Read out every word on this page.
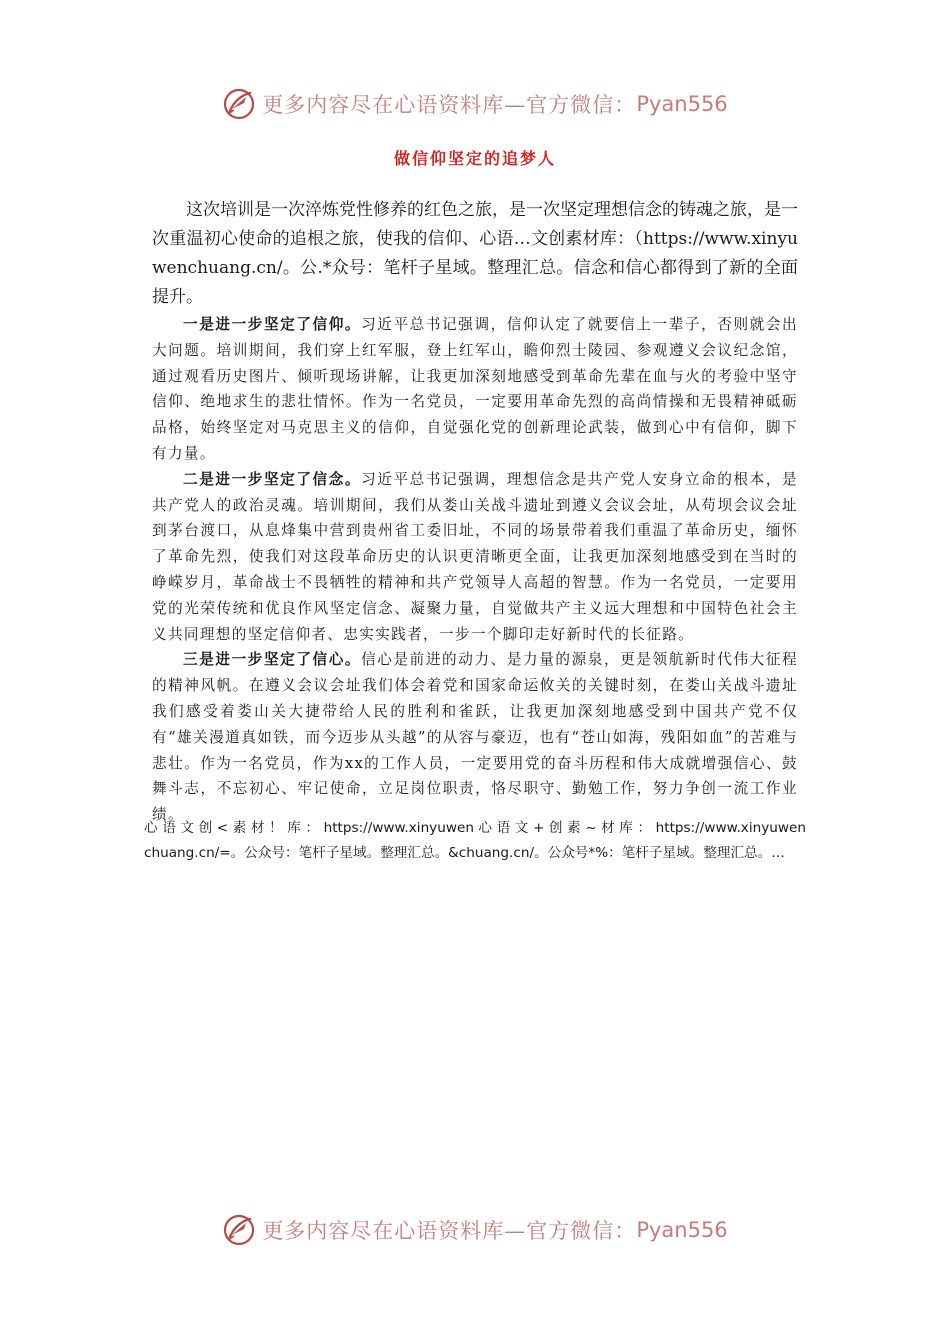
更多内容尽在心语资料库—官方微信： Pyan556
做信仰坚定的追梦人

这次培训是一次淬炼党性修养的红色之旅，是一次坚定理想信念的铸魂之旅，是一次重温初心使命的追根之旅，使我的信仰、心语…文创素材库：（https://www.xinyuwenchuang.cn/。公.*众号：笔杆子星域。整理汇总。信念和信心都得到了新的全面提升。

一是进一步坚定了信仰。习近平总书记强调，信仰认定了就要信上一辈子，否则就会出大问题。培训期间，我们穿上红军服，登上红军山，瞻仰烈士陵园、参观遵义会议纪念馆，通过观看历史图片、倾听现场讲解，让我更加深刻地感受到革命先辈在血与火的考验中坚守信仰、绝地求生的悲壮情怀。作为一名党员，一定要用革命先烈的高尚情操和无畏精神砥砺品格，始终坚定对马克思主义的信仰，自觉强化党的创新理论武装，做到心中有信仰，脚下有力量。

二是进一步坚定了信念。习近平总书记强调，理想信念是共产党人安身立命的根本，是共产党人的政治灵魂。培训期间，我们从娄山关战斗遗址到遵义会议会址，从苟坝会议会址到茅台渡口，从息烽集中营到贵州省工委旧址，不同的场景带着我们重温了革命历史，缅怀了革命先烈，使我们对这段革命历史的认识更清晰更全面，让我更加深刻地感受到在当时的峥嵘岁月，革命战士不畏牺牲的精神和共产党领导人高超的智慧。作为一名党员，一定要用党的光荣传统和优良作风坚定信念、凝聚力量，自觉做共产主义远大理想和中国特色社会主义共同理想的坚定信仰者、忠实实践者，一步一个脚印走好新时代的长征路。

三是进一步坚定了信心。信心是前进的动力、是力量的源泉，更是领航新时代伟大征程的精神风帆。在遵义会议会址我们体会着党和国家命运攸关的关键时刻，在娄山关战斗遗址我们感受着娄山关大捷带给人民的胜利和雀跃，让我更加深刻地感受到中国共产党不仅有“雄关漫道真如铁，而今迈步从头越”的从容与豪迈，也有“苍山如海，残阳如血”的苦难与悲壮。作为一名党员，作为xx的工作人员，一定要用党的奋斗历程和伟大成就增强信心、鼓舞斗志，不忘初心、牢记使命，立足岗位职责，恪尽职守、勤勉工作，努力争创一流工作业绩。

心 语 文 创 < 素 材 ！ 库 ： https://www.xinyuwen 心 语 文 + 创 素 ~ 材 库 ： https://www.xinyuwenchuang.cn/=。公众号：笔杆子星域。整理汇总。&chuang.cn/。公众号*%：笔杆子星域。整理汇总。…

更多内容尽在心语资料库—官方微信： Pyan556
